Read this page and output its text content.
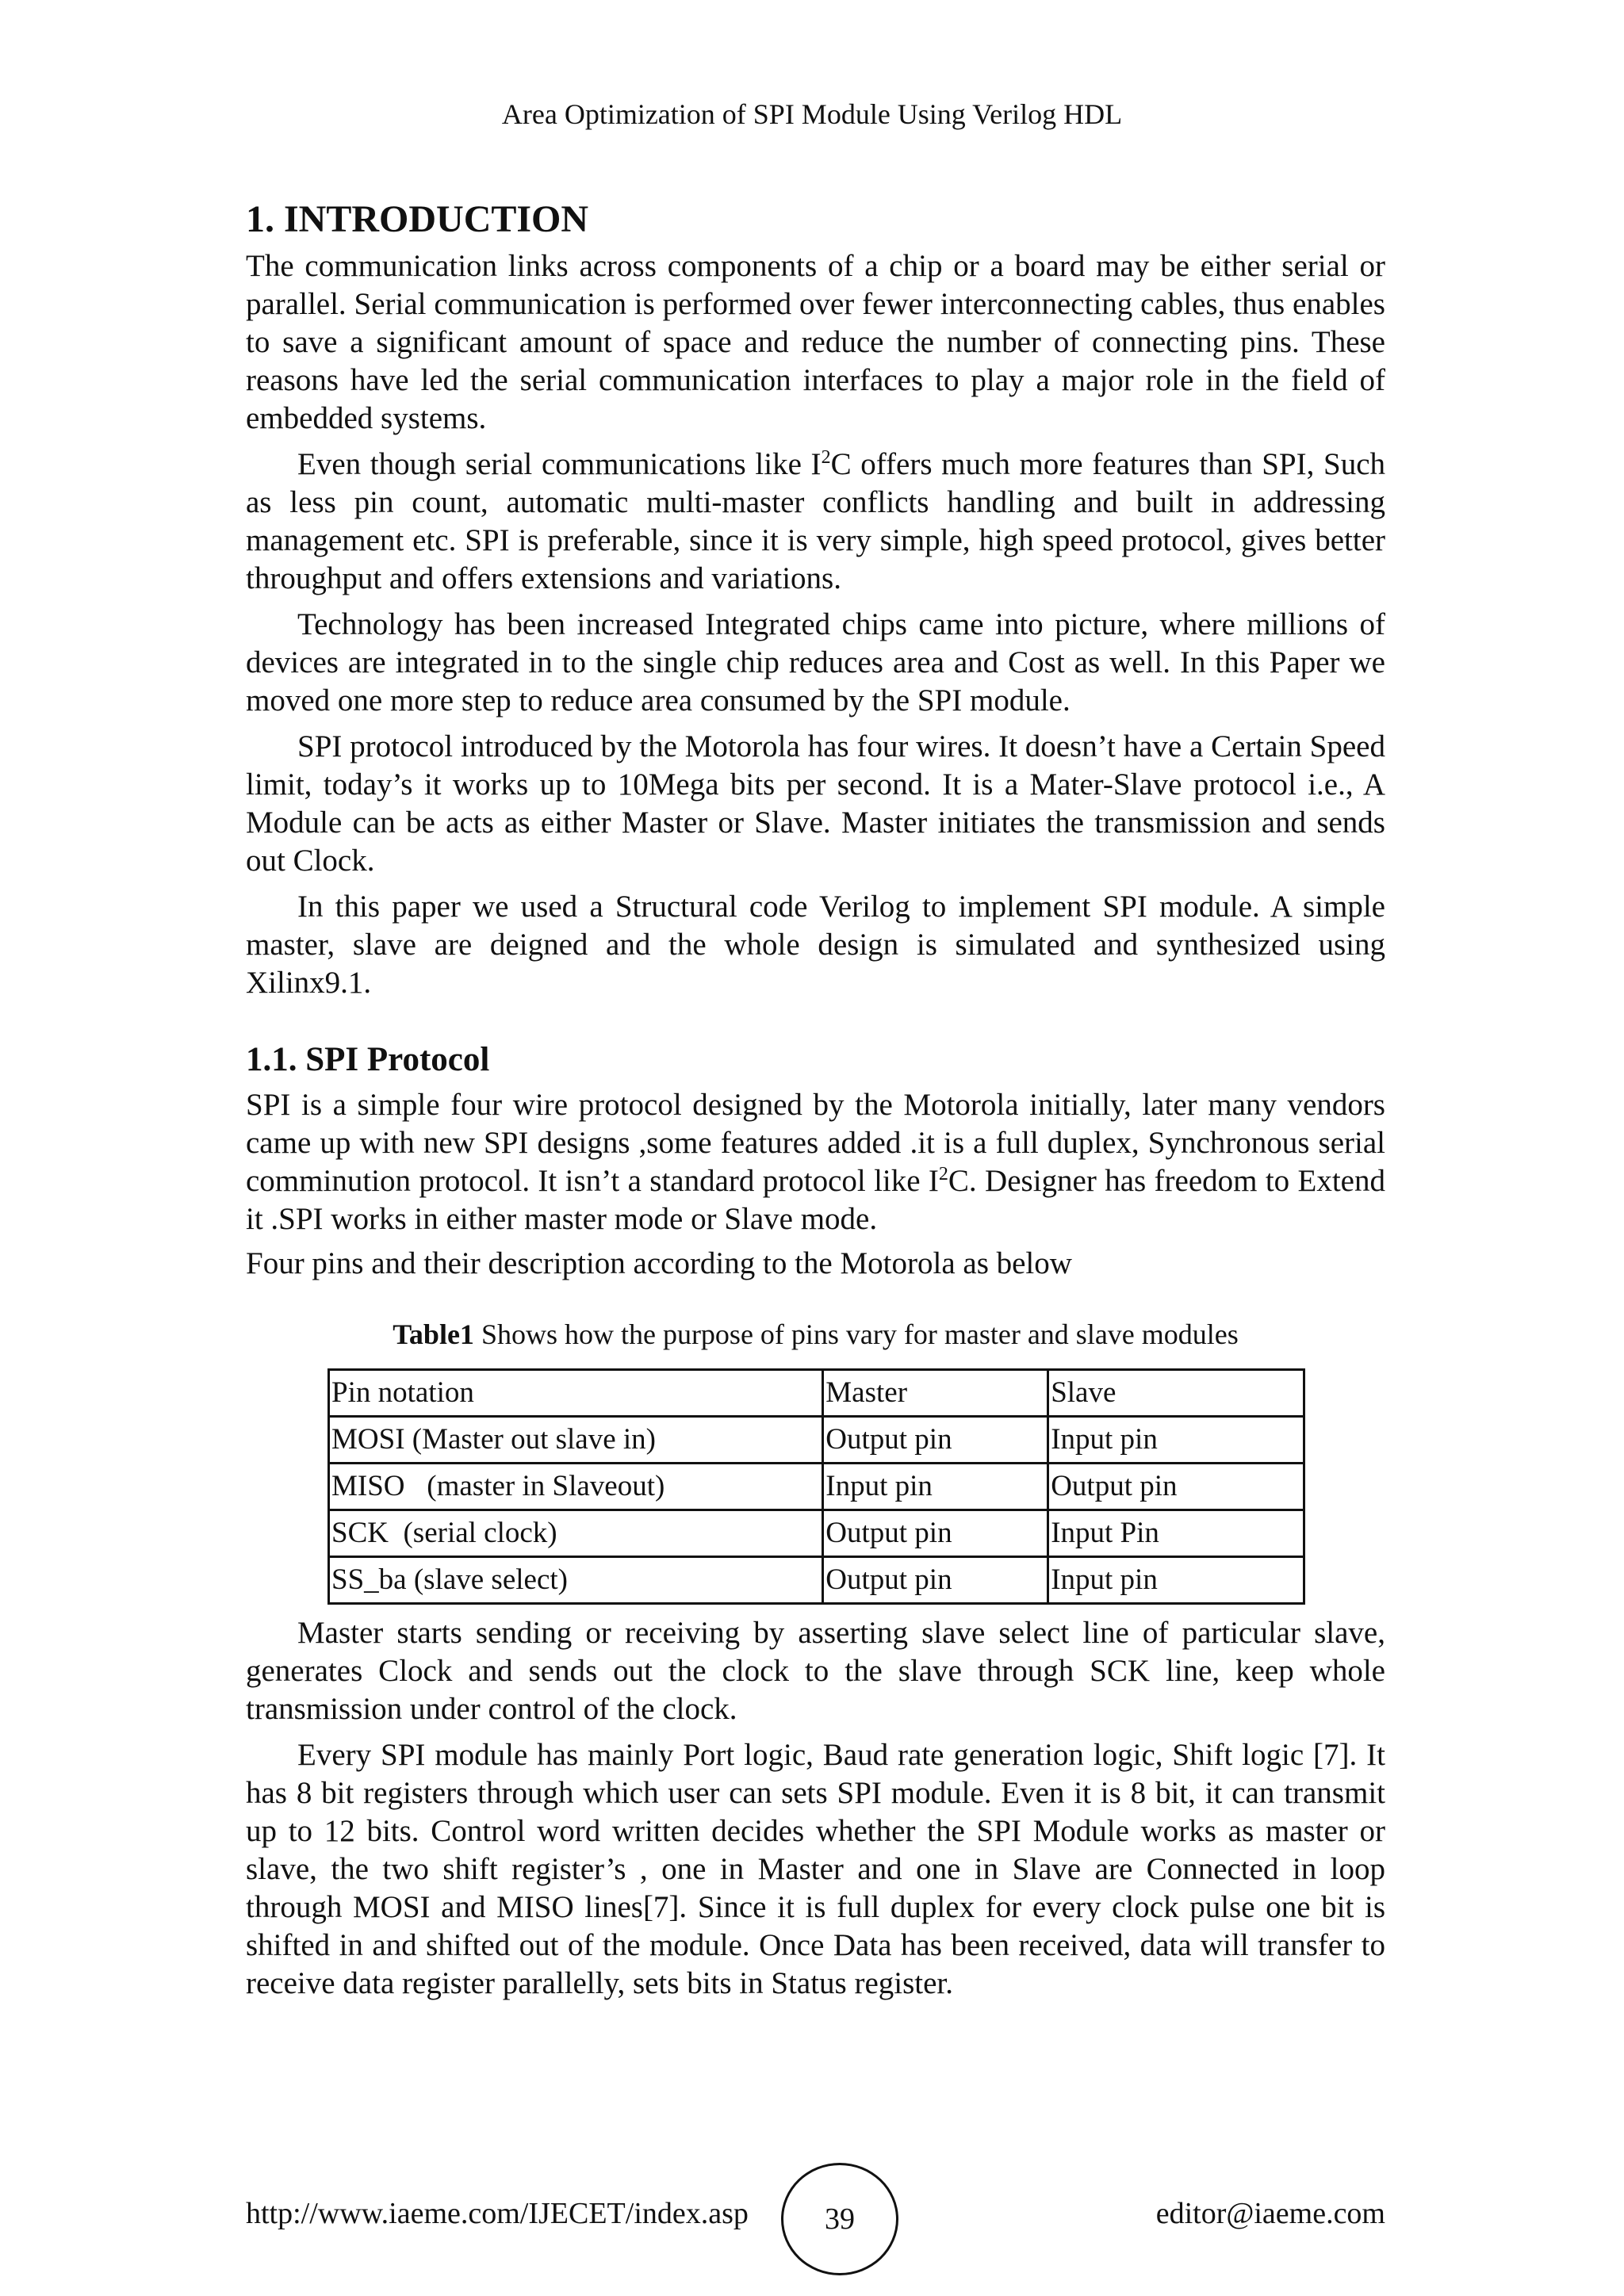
Area Optimization of SPI Module Using Verilog HDL
1. INTRODUCTION

The communication links across components of a chip or a board may be either serial or parallel. Serial communication is performed over fewer interconnecting cables, thus enables to save a significant amount of space and reduce the number of connecting pins. These reasons have led the serial communication interfaces to play a major role in the field of embedded systems.

Even though serial communications like $I^2C$ offers much more features than SPI, Such as less pin count, automatic multi-master conflicts handling and built in addressing management etc. SPI is preferable, since it is very simple, high speed protocol, gives better throughput and offers extensions and variations.

Technology has been increased Integrated chips came into picture, where millions of devices are integrated in to the single chip reduces area and Cost as well. In this Paper we moved one more step to reduce area consumed by the SPI module.

SPI protocol introduced by the Motorola has four wires. It doesn’t have a Certain Speed limit, today’s it works up to 10Mega bits per second. It is a Mater-Slave protocol i.e., A Module can be acts as either Master or Slave. Master initiates the transmission and sends out Clock.

In this paper we used a Structural code Verilog to implement SPI module. A simple master, slave are deigned and the whole design is simulated and synthesized using Xilinx9.1.

1.1. SPI Protocol

SPI is a simple four wire protocol designed by the Motorola initially, later many vendors came up with new SPI designs ,some features added .it is a full duplex, Synchronous serial comminution protocol. It isn’t a standard protocol like $I^2C$. Designer has freedom to Extend it .SPI works in either master mode or Slave mode.

Four pins and their description according to the Motorola as below

Table1 Shows how the purpose of pins vary for master and slave modules
Pin notation	Master	Slave
MOSI (Master out slave in)	Output pin	Input pin
MISO   (master in Slaveout)	Input pin	Output pin
SCK  (serial clock)	Output pin	Input Pin
SS_ba (slave select)	Output pin	Input pin

Master starts sending or receiving by asserting slave select line of particular slave, generates Clock and sends out the clock to the slave through SCK line, keep whole transmission under control of the clock.

Every SPI module has mainly Port logic, Baud rate generation logic, Shift logic [7]. It has 8 bit registers through which user can sets SPI module. Even it is 8 bit, it can transmit up to 12 bits. Control word written decides whether the SPI Module works as master or slave, the two shift register’s , one in Master and one in Slave are Connected in loop through MOSI and MISO lines[7]. Since it is full duplex for every clock pulse one bit is shifted in and shifted out of the module. Once Data has been received, data will transfer to receive data register parallelly, sets bits in Status register.

http://www.iaeme.com/IJECET/index.asp	39	editor@iaeme.com
